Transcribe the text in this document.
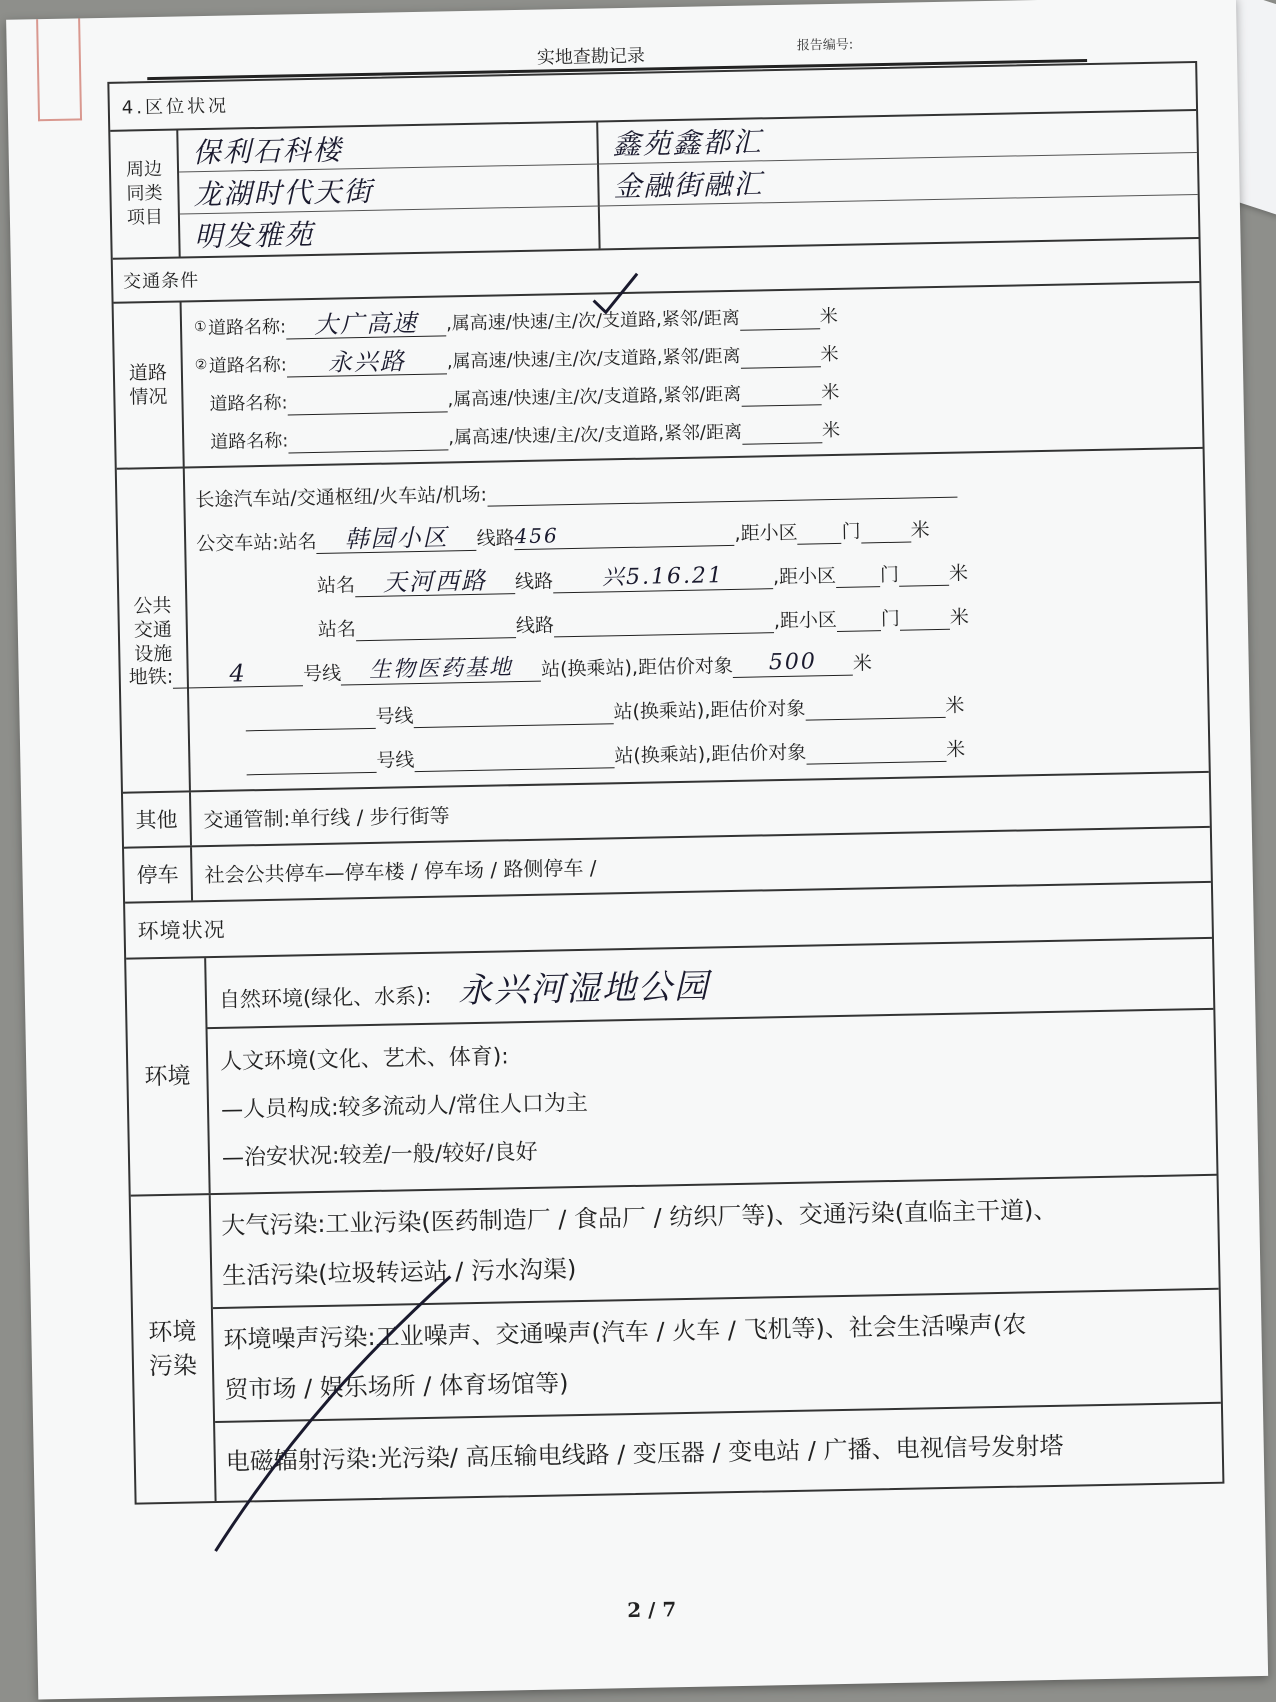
实地查勘记录	报告编号:
4.区位状况
周边同类项目
保利石科楼	鑫苑鑫都汇
龙湖时代天街	金融街融汇
明发雅苑
交通条件
道路情况
① 道路名称:	大广高速	,属高速/快速/主/次/支道路,紧邻/距离	米
② 道路名称:	永兴路	,属高速/快速/主/次/支道路,紧邻/距离	米
道路名称:	,属高速/快速/主/次/支道路,紧邻/距离	米
道路名称:	,属高速/快速/主/次/支道路,紧邻/距离	米
公共交通设施
长途汽车站/交通枢纽/火车站/机场:
公交车站: 站名	韩园小区	线路 456	,距小区 门	米
站名	天河西路	线路	兴5.16.21	,距小区 门	米
站名	线路	,距小区 门	米
地铁:	4	号线	生物医药基地	站(换乘站),距估价对象	500	米
号线	站(换乘站),距估价对象	米
号线	站(换乘站),距估价对象	米
其他	交通管制:单行线 / 步行街等
停车	社会公共停车—停车楼 / 停车场 / 路侧停车 /
环境状况
环境
自然环境(绿化、水系): 永兴河湿地公园
人文环境(文化、艺术、体育):
—人员构成:较多流动人/常住人口为主
—治安状况:较差/一般/较好/良好
环境污染
大气污染:工业污染(医药制造厂 / 食品厂 / 纺织厂等)、交通污染(直临主干道)、
生活污染(垃圾转运站 / 污水沟渠)
环境噪声污染:工业噪声、交通噪声(汽车 / 火车 / 飞机等)、社会生活噪声(农
贸市场 / 娱乐场所 / 体育场馆等)
电磁辐射污染:光污染/ 高压输电线路 / 变压器 / 变电站 / 广播、电视信号发射塔
2 / 7
